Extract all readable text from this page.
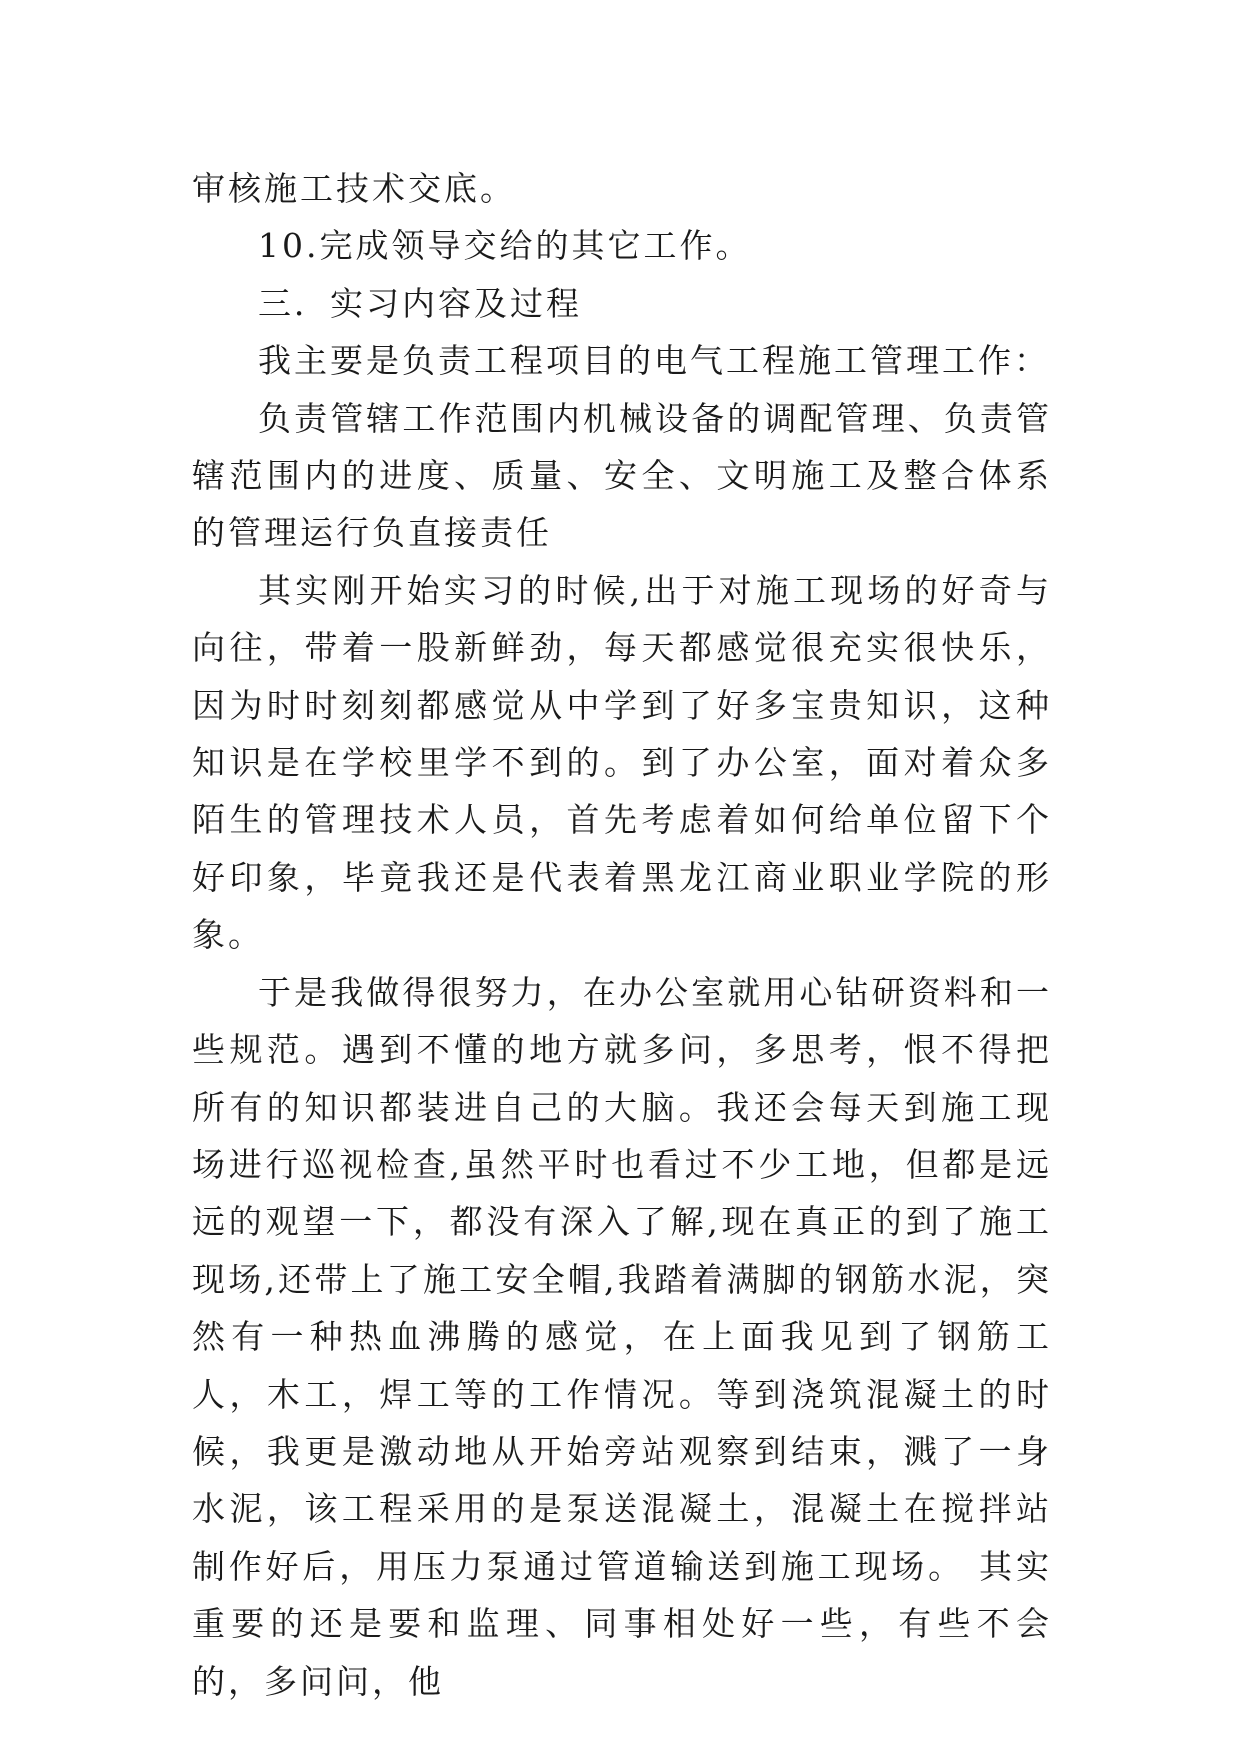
审核施工技术交底。

10.完成领导交给的其它工作。

三．实习内容及过程

我主要是负责工程项目的电气工程施工管理工作：

负责管辖工作范围内机械设备的调配管理、负责管辖范围内的进度、质量、安全、文明施工及整合体系的管理运行负直接责任

其实刚开始实习的时候,出于对施工现场的好奇与向往，带着一股新鲜劲，每天都感觉很充实很快乐，因为时时刻刻都感觉从中学到了好多宝贵知识，这种知识是在学校里学不到的。到了办公室，面对着众多陌生的管理技术人员，首先考虑着如何给单位留下个好印象，毕竟我还是代表着黑龙江商业职业学院的形象。

于是我做得很努力，在办公室就用心钻研资料和一些规范。遇到不懂的地方就多问，多思考，恨不得把所有的知识都装进自己的大脑。我还会每天到施工现场进行巡视检查,虽然平时也看过不少工地，但都是远远的观望一下，都没有深入了解,现在真正的到了施工现场,还带上了施工安全帽,我踏着满脚的钢筋水泥，突然有一种热血沸腾的感觉，在上面我见到了钢筋工人，木工，焊工等的工作情况。等到浇筑混凝土的时候，我更是激动地从开始旁站观察到结束，溅了一身水泥，该工程采用的是泵送混凝土，混凝土在搅拌站制作好后，用压力泵通过管道输送到施工现场。 其实重要的还是要和监理、同事相处好一些，有些不会的，多问问，他
